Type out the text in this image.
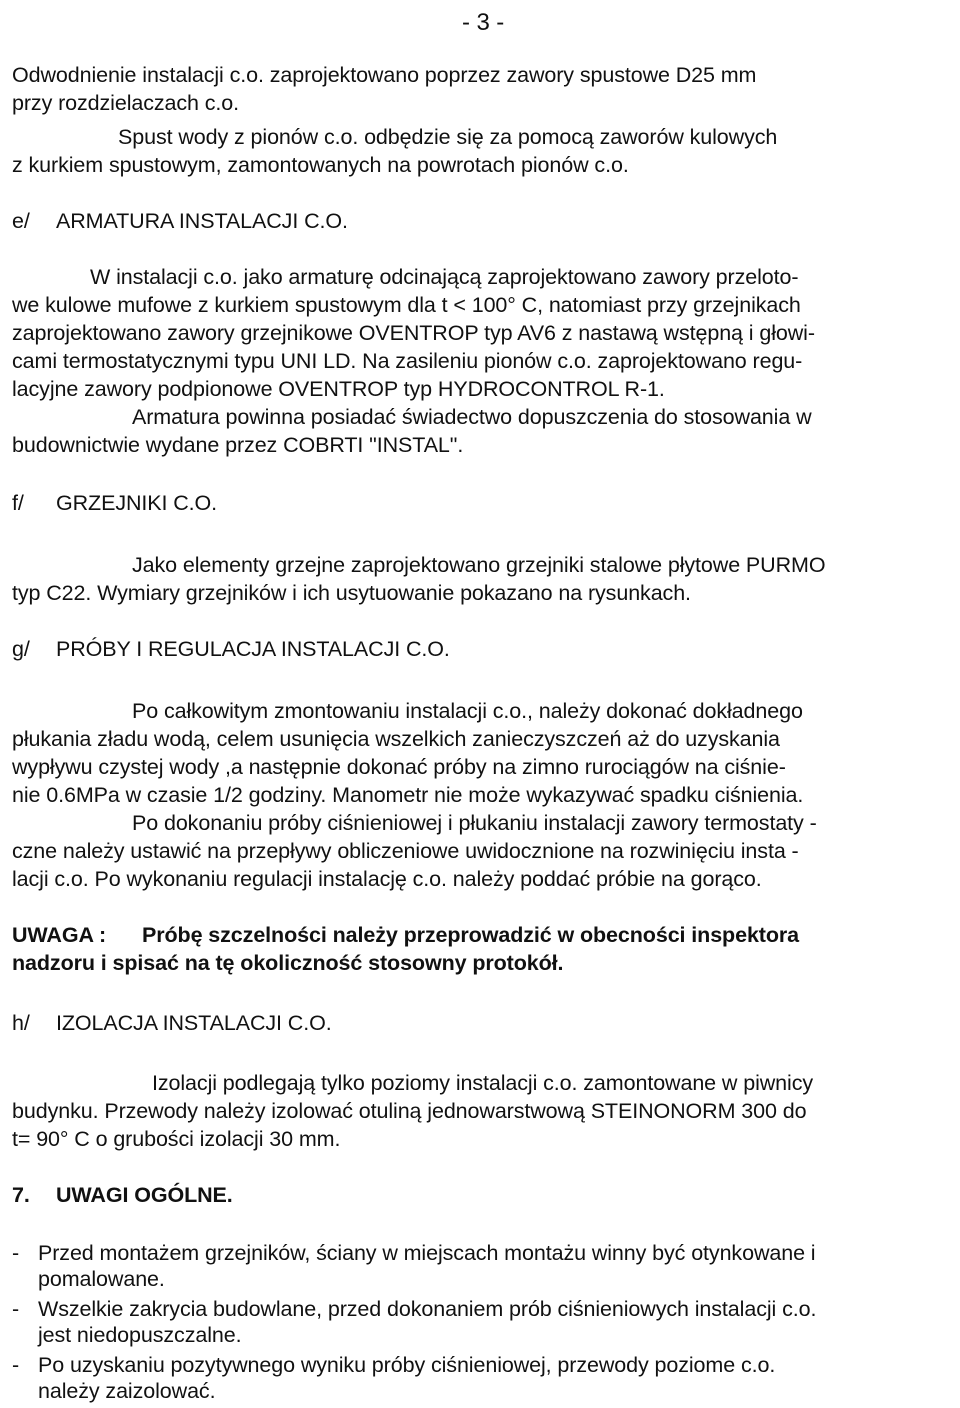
- 3 -

Odwodnienie instalacji c.o. zaprojektowano poprzez zawory spustowe D25 mm

przy rozdzielaczach c.o.

Spust wody z pionów c.o. odbędzie się za pomocą zaworów kulowych

z kurkiem spustowym, zamontowanych na powrotach pionów c.o.

e/ ARMATURA INSTALACJI C.O.

W instalacji c.o. jako armaturę odcinającą zaprojektowano zawory przeloto-

we kulowe mufowe z kurkiem spustowym dla t < 100° C, natomiast przy grzejnikach

zaprojektowano zawory grzejnikowe OVENTROP typ AV6 z nastawą wstępną i głowi-

cami termostatycznymi typu UNI LD. Na zasileniu pionów c.o. zaprojektowano regu-

lacyjne zawory podpionowe OVENTROP typ HYDROCONTROL R-1.

Armatura powinna posiadać świadectwo dopuszczenia do stosowania w

budownictwie wydane przez COBRTI "INSTAL".

f/ GRZEJNIKI C.O.

Jako elementy grzejne zaprojektowano grzejniki stalowe płytowe PURMO

typ C22. Wymiary grzejników i ich usytuowanie pokazano na rysunkach.

g/ PRÓBY I REGULACJA INSTALACJI C.O.

Po całkowitym zmontowaniu instalacji c.o., należy dokonać dokładnego

płukania zładu wodą, celem usunięcia wszelkich zanieczyszczeń aż do uzyskania

wypływu czystej wody ,a następnie dokonać próby na zimno rurociągów na ciśnie-

nie 0.6MPa w czasie 1/2 godziny. Manometr nie może wykazywać spadku ciśnienia.

Po dokonaniu próby ciśnieniowej i płukaniu instalacji zawory termostaty -

czne należy ustawić na przepływy obliczeniowe uwidocznione na rozwinięciu insta -

lacji c.o. Po wykonaniu regulacji instalację c.o. należy poddać próbie na gorąco.

UWAGA : Próbę szczelności należy przeprowadzić w obecności inspektora

nadzoru i spisać na tę okoliczność stosowny protokół.

h/ IZOLACJA INSTALACJI C.O.

Izolacji podlegają tylko poziomy instalacji c.o. zamontowane w piwnicy

budynku. Przewody należy izolować otuliną jednowarstwową STEINONORM 300 do

t= 90° C o grubości izolacji 30 mm.

7. UWAGI OGÓLNE.

- Przed montażem grzejników, ściany w miejscach montażu winny być otynkowane i

pomalowane.

- Wszelkie zakrycia budowlane, przed dokonaniem prób ciśnieniowych instalacji c.o.

jest niedopuszczalne.

- Po uzyskaniu pozytywnego wyniku próby ciśnieniowej, przewody poziome c.o.

należy zaizolować.
